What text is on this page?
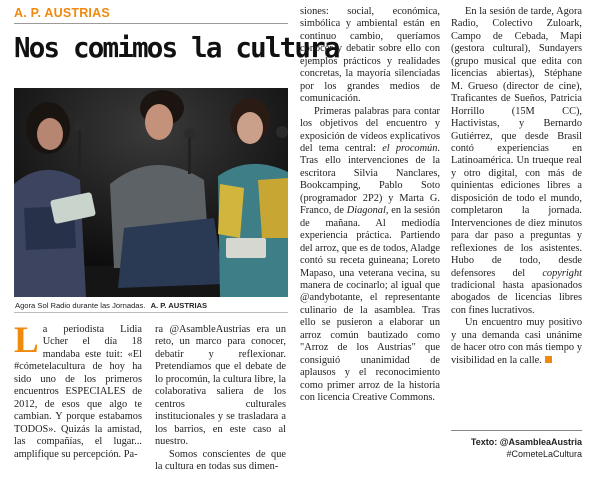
A. P. AUSTRIAS
Nos comimos la cultura
Agora Sol Radio durante las Jornadas. A. P. AUSTRIAS

L a periodista Lidia Ucher el día 18 mandaba este tuit: «El #cómetelacultura de hoy ha sido uno de los primeros encuentros ESPECIALES de 2012, de esos que algo te cambian. Y porque estabamos TODOS». Quizás la amistad, las compañías, el lugar... amplifique su percepción. Pa-

ra @AsambleAustrias era un reto, un marco para conocer, debatir y reflexionar. Pretendíamos que el debate de lo procomún, la cultura libre, la colaborativa saliera de los centros culturales institucionales y se trasladara a los barrios, en este caso al nuestro.

Somos conscientes de que la cultura en todas sus dimen-

siones: social, económica, simbólica y ambiental están en continuo cambio, queríamos conocer y debatir sobre ello con ejemplos prácticos y realidades concretas, la mayoría silenciadas por los grandes medios de comunicación.

Primeras palabras para contar los objetivos del encuentro y exposición de vídeos explicativos del tema central: el procomún. Tras ello intervenciones de la escritora Silvia Nanclares, Bookcamping, Pablo Soto (programador 2P2) y Marta G. Franco, de Diagonal, en la sesión de mañana. Al mediodía experiencia práctica. Partiendo del arroz, que es de todos, Aladge contó su receta guineana; Loreto Mapaso, una veterana vecina, su manera de cocinarlo; al igual que @andybotante, el representante culinario de la asamblea. Tras ello se pusieron a elaborar un arroz común bautizado como "Arroz de los Austrias" que consiguió unanimidad de aplausos y el reconocimiento como primer arroz de la historia con licencia Creative Commons.

En la sesión de tarde, Agora Radio, Colectivo Zuloark, Campo de Cebada, Mapi (gestora cultural), Sundayers (grupo musical que edita con licencias abiertas), Stéphane M. Grueso (director de cine), Traficantes de Sueños, Patricia Horrillo (15M CC), Hactivistas, y Bernardo Gutiérrez, que desde Brasil contó experiencias en Latinoamérica. Un trueque real y otro digital, con más de quinientas ediciones libres a disposición de todo el mundo, completaron la jornada. Intervenciones de diez minutos para dar paso a preguntas y reflexiones de los asistentes. Hubo de todo, desde defensores del copyright tradicional hasta apasionados abogados de licencias libres con fines lucrativos.

Un encuentro muy positivo y una demanda casi unánime de hacer otro con más tiempo y visibilidad en la calle.

Texto: @AsambleaAustria
#CometeLaCultura
